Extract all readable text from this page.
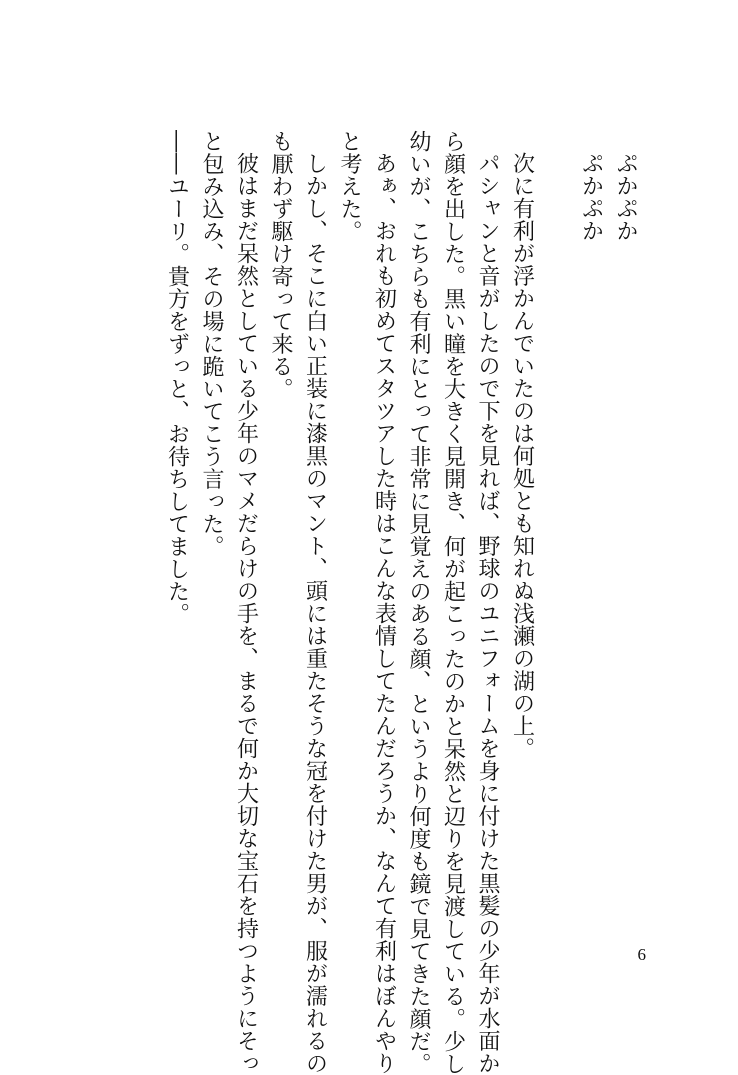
ぷかぷか
ぷかぷか
次に有利が浮かんでいたのは何処とも知れぬ浅瀬の湖の上。
パシャンと音がしたので下を見れば、野球のユニフォームを身に付けた黒髪の少年が水面か
ら顔を出した。黒い瞳を大きく見開き、何が起こったのかと呆然と辺りを見渡している。少し
幼いが、こちらも有利にとって非常に見覚えのある顔、というより何度も鏡で見てきた顔だ。
あぁ、おれも初めてスタツアした時はこんな表情してたんだろうか、なんて有利はぼんやり
と考えた。
しかし、そこに白い正装に漆黒のマント、頭には重たそうな冠を付けた男が、服が濡れるの
も厭わず駆け寄って来る。
彼はまだ呆然としている少年のマメだらけの手を、まるで何か大切な宝石を持つようにそっ
と包み込み、その場に跪いてこう言った。
――ユーリ。貴方をずっと、お待ちしてました。
6
